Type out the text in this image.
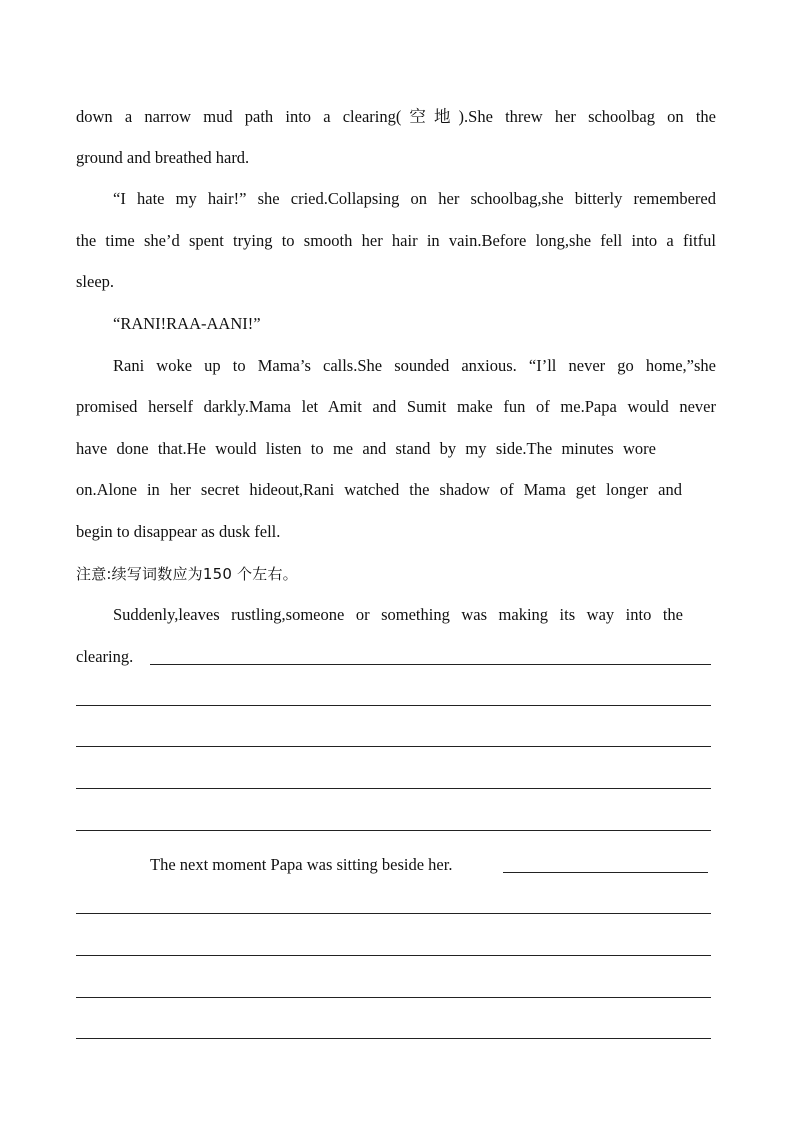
down a narrow mud path into a clearing(空地).She threw her schoolbag on the
ground and breathed hard.
“I hate my hair!” she cried.Collapsing on her schoolbag,she bitterly remembered
the time she’d spent trying to smooth her hair in vain.Before long,she fell into a fitful
sleep.
“RANI!RAA-AANI!”
Rani woke up to Mama’s calls.She sounded anxious. “I’ll never go home,”she
promised herself darkly.Mama let Amit and Sumit make fun of me.Papa would never
have done that.He would listen to me and stand by my side.The minutes wore
on.Alone in her secret hideout,Rani watched the shadow of Mama get longer and
begin to disappear as dusk fell.
注意:续写词数应为150 个左右。
Suddenly,leaves rustling,someone or something was making its way into the
clearing.
The next moment Papa was sitting beside her.
